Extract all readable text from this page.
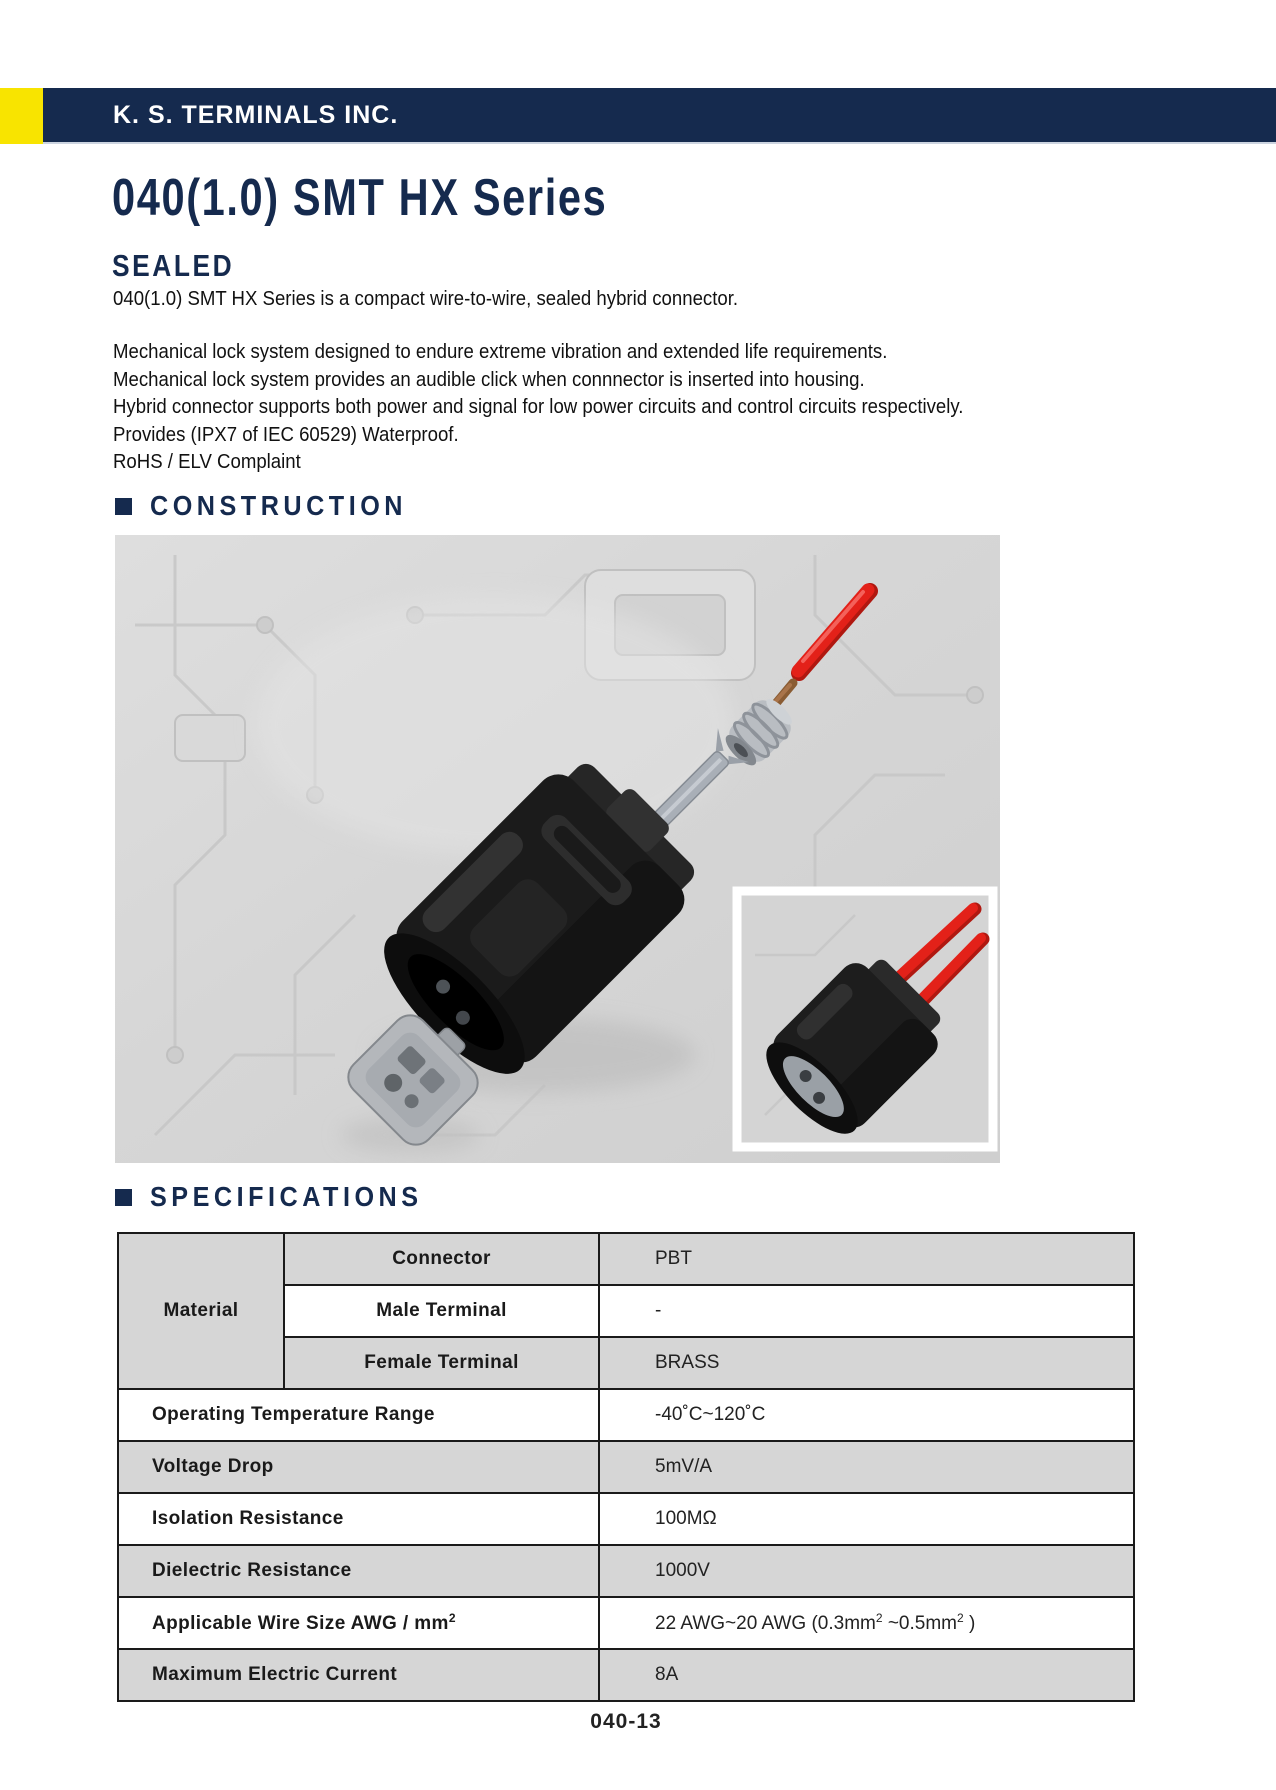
K. S. TERMINALS INC.
040(1.0) SMT HX Series
SEALED
040(1.0) SMT HX Series is a compact wire-to-wire, sealed hybrid connector.
Mechanical lock system designed to endure extreme vibration and extended life requirements.
Mechanical lock system provides an audible click when connnector is inserted into housing.
Hybrid connector supports both power and signal for low power circuits and control circuits respectively.
Provides (IPX7 of IEC 60529) Waterproof.
RoHS / ELV Complaint
CONSTRUCTION
SPECIFICATIONS
Material	Connector	PBT
	Male Terminal	-
	Female Terminal	BRASS
Operating Temperature Range		-40˚C~120˚C
Voltage Drop		5mV/A
Isolation Resistance		100MΩ
Dielectric Resistance		1000V
Applicable Wire Size AWG / $mm^2$		22 AWG~20 AWG ($0.3mm^2$ $\sim 0.5mm^2$ )
Maximum Electric Current		8A
040-13
